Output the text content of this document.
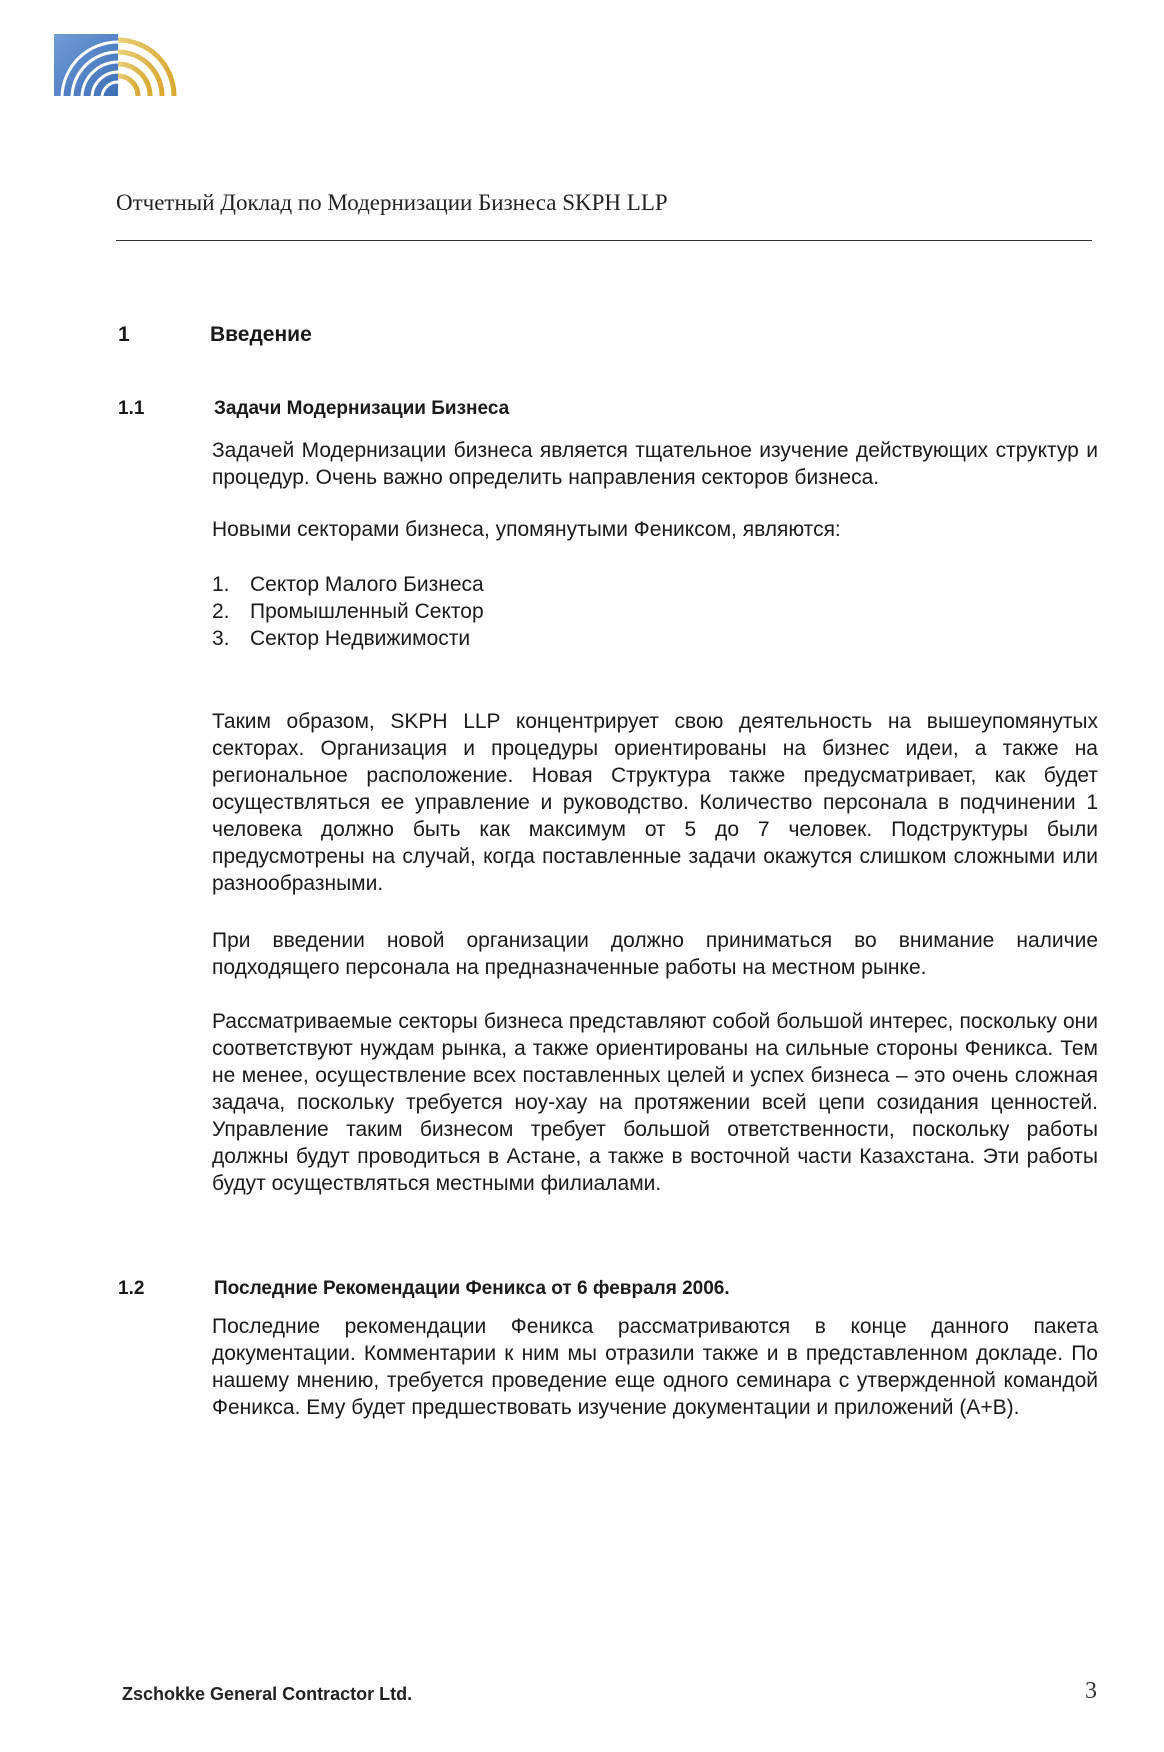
Отчетный Доклад по Модернизации Бизнеса SKPH LLP
1	Введение
1.1	Задачи Модернизации Бизнеса

Задачей Модернизации бизнеса является тщательное изучение действующих структур и процедур. Очень важно определить направления секторов бизнеса.

Новыми секторами бизнеса, упомянутыми Фениксом, являются:

1. Сектор Малого Бизнеса
2. Промышленный Сектор
3. Сектор Недвижимости

Таким образом, SKPH LLP концентрирует свою деятельность на вышеупомянутых секторах. Организация и процедуры ориентированы на бизнес идеи, а также на региональное расположение. Новая Структура также предусматривает, как будет осуществляться ее управление и руководство. Количество персонала в подчинении 1 человека должно быть как максимум от 5 до 7 человек. Подструктуры были предусмотрены на случай, когда поставленные задачи окажутся слишком сложными или разнообразными.

При введении новой организации должно приниматься во внимание наличие подходящего персонала на предназначенные работы на местном рынке.

Рассматриваемые секторы бизнеса представляют собой большой интерес, поскольку они соответствуют нуждам рынка, а также ориентированы на сильные стороны Феникса. Тем не менее, осуществление всех поставленных целей и успех бизнеса – это очень сложная задача, поскольку требуется ноу-хау на протяжении всей цепи созидания ценностей. Управление таким бизнесом требует большой ответственности, поскольку работы должны будут проводиться в Астане, а также в восточной части Казахстана. Эти работы будут осуществляться местными филиалами.

1.2	Последние Рекомендации Феникса от 6 февраля 2006.

Последние рекомендации Феникса рассматриваются в конце данного пакета документации. Комментарии к ним мы отразили также и в представленном докладе. По нашему мнению, требуется проведение еще одного семинара с утвержденной командой Феникса. Ему будет предшествовать изучение документации и приложений (A+B).

Zschokke General Contractor Ltd.	3
